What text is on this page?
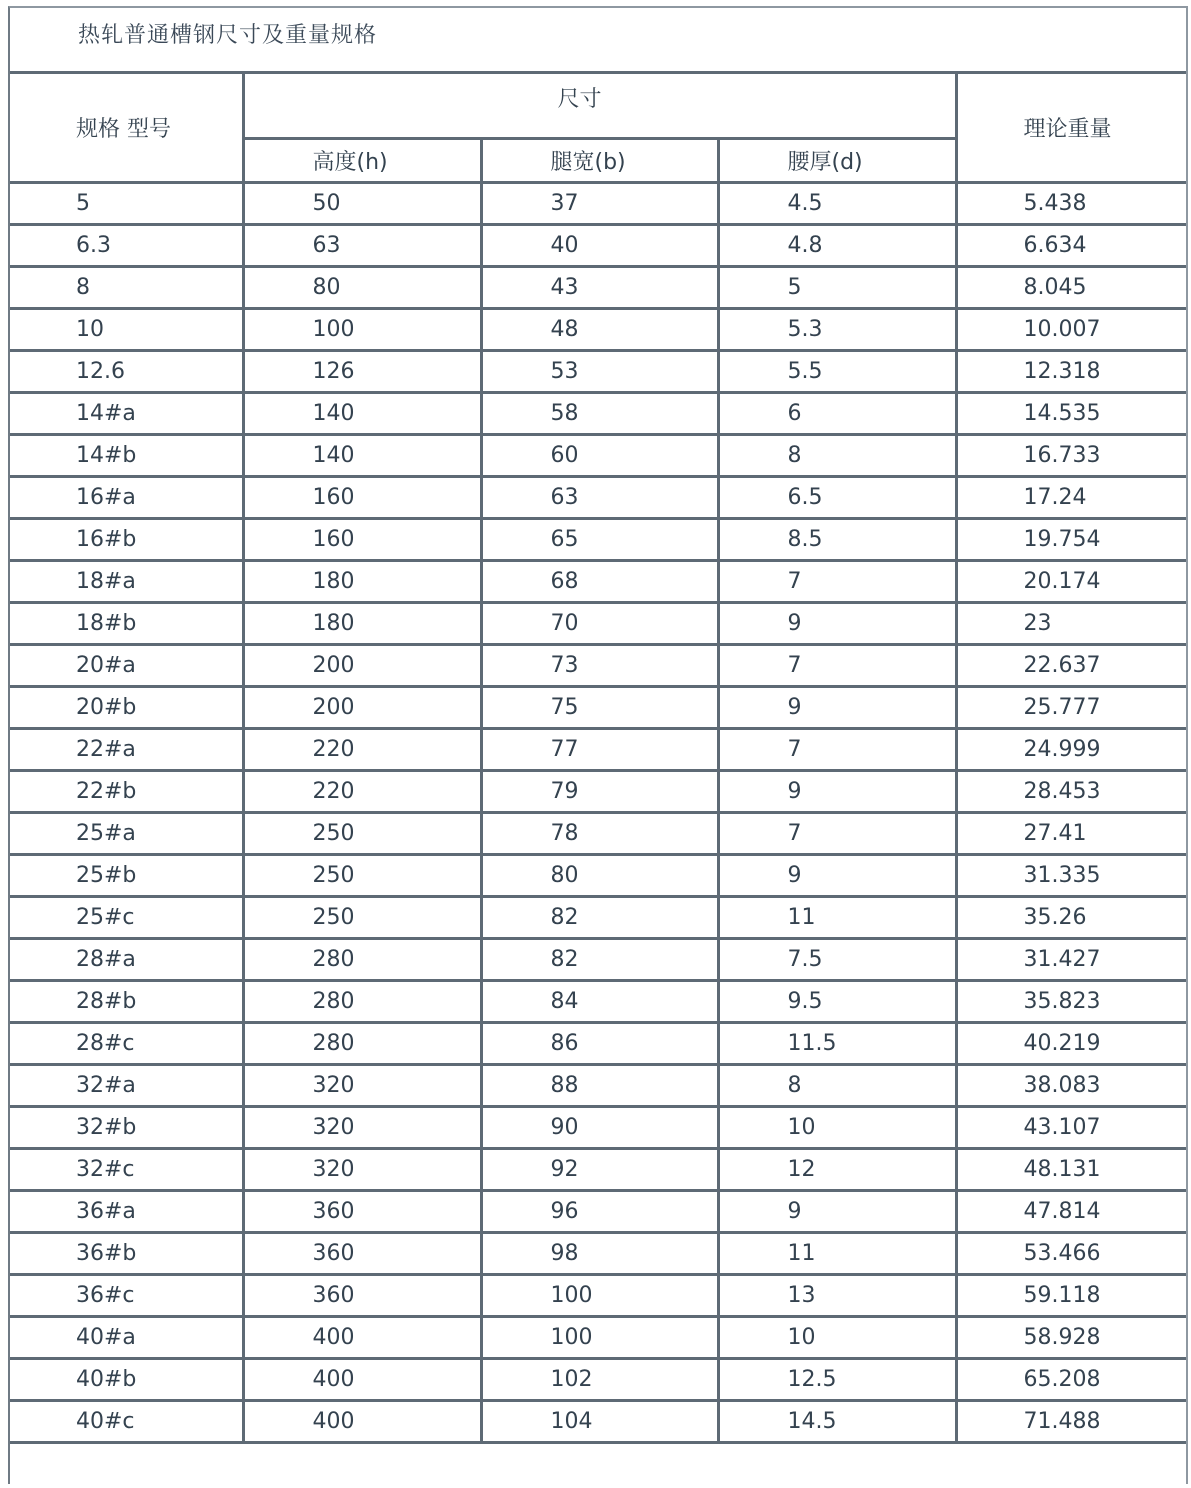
热轧普通槽钢尺寸及重量规格
规格 型号	尺寸			理论重量
	高度(h)	腿宽(b)	腰厚(d)	
5	50	37	4.5	5.438
6.3	63	40	4.8	6.634
8	80	43	5	8.045
10	100	48	5.3	10.007
12.6	126	53	5.5	12.318
14#a	140	58	6	14.535
14#b	140	60	8	16.733
16#a	160	63	6.5	17.24
16#b	160	65	8.5	19.754
18#a	180	68	7	20.174
18#b	180	70	9	23
20#a	200	73	7	22.637
20#b	200	75	9	25.777
22#a	220	77	7	24.999
22#b	220	79	9	28.453
25#a	250	78	7	27.41
25#b	250	80	9	31.335
25#c	250	82	11	35.26
28#a	280	82	7.5	31.427
28#b	280	84	9.5	35.823
28#c	280	86	11.5	40.219
32#a	320	88	8	38.083
32#b	320	90	10	43.107
32#c	320	92	12	48.131
36#a	360	96	9	47.814
36#b	360	98	11	53.466
36#c	360	100	13	59.118
40#a	400	100	10	58.928
40#b	400	102	12.5	65.208
40#c	400	104	14.5	71.488
